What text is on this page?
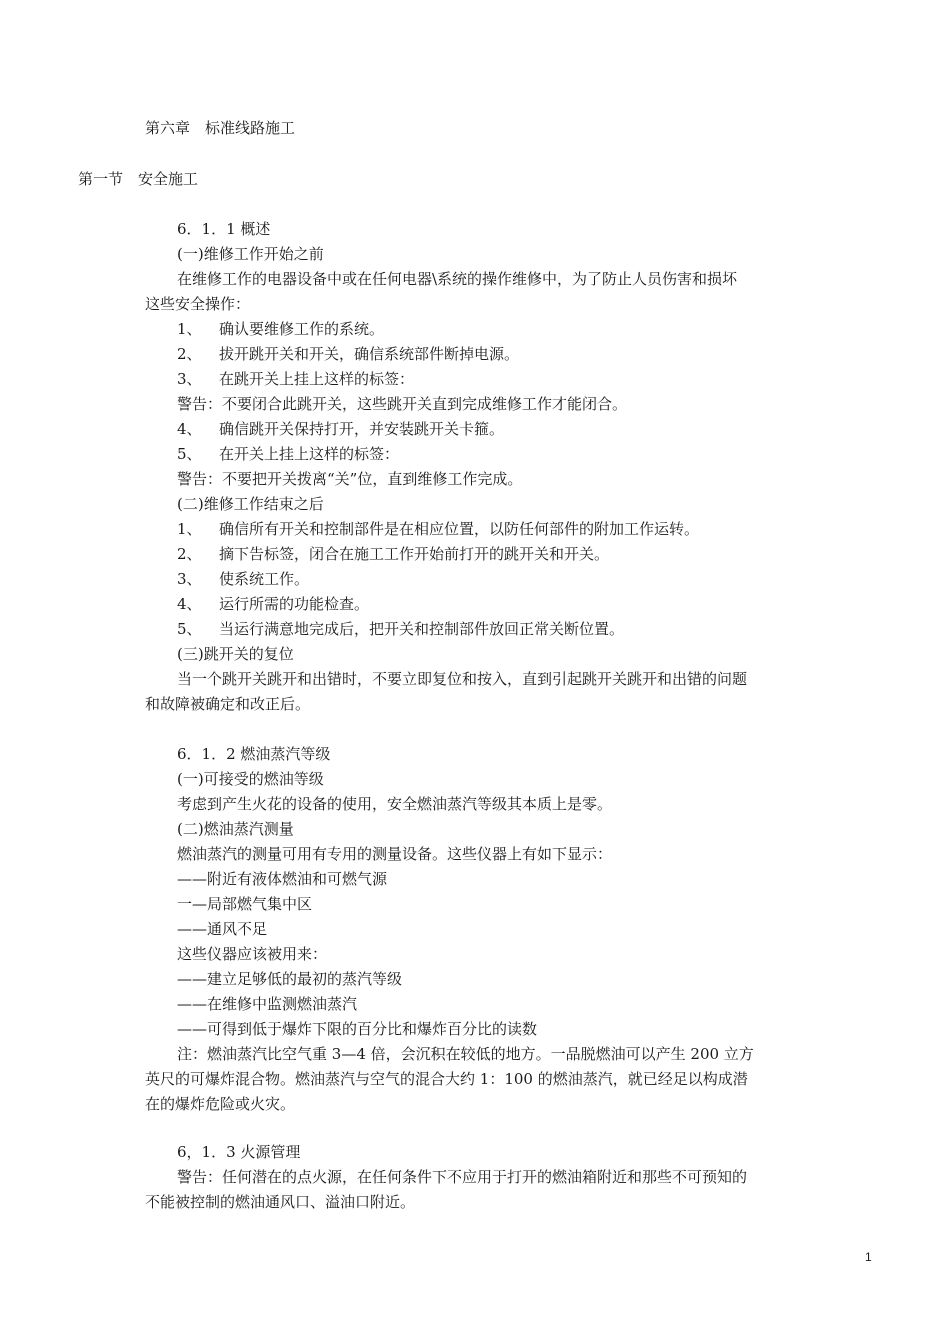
第六章　标准线路施工
第一节　安全施工
6．1．1 概述
(一)维修工作开始之前
在维修工作的电器设备中或在任何电器\系统的操作维修中，为了防止人员伤害和损坏
这些安全操作：
1、 确认要维修工作的系统。
2、 拔开跳开关和开关，确信系统部件断掉电源。
3、 在跳开关上挂上这样的标签：
警告：不要闭合此跳开关，这些跳开关直到完成维修工作才能闭合。
4、 确信跳开关保持打开，并安装跳开关卡箍。
5、 在开关上挂上这样的标签：
警告：不要把开关拨离“关”位，直到维修工作完成。
(二)维修工作结束之后
1、 确信所有开关和控制部件是在相应位置，以防任何部件的附加工作运转。
2、 摘下告标签，闭合在施工工作开始前打开的跳开关和开关。
3、 使系统工作。
4、 运行所需的功能检查。
5、 当运行满意地完成后，把开关和控制部件放回正常关断位置。
(三)跳开关的复位
当一个跳开关跳开和出错时，不要立即复位和按入，直到引起跳开关跳开和出错的问题
和故障被确定和改正后。
6．1．2 燃油蒸汽等级
(一)可接受的燃油等级
考虑到产生火花的设备的使用，安全燃油蒸汽等级其本质上是零。
(二)燃油蒸汽测量
燃油蒸汽的测量可用有专用的测量设备。这些仪器上有如下显示：
——附近有液体燃油和可燃气源
一—局部燃气集中区
——通风不足
这些仪器应该被用来：
——建立足够低的最初的蒸汽等级
——在维修中监测燃油蒸汽
——可得到低于爆炸下限的百分比和爆炸百分比的读数
注：燃油蒸汽比空气重 3—4 倍，会沉积在较低的地方。一品脱燃油可以产生 200 立方
英尺的可爆炸混合物。燃油蒸汽与空气的混合大约 1：100 的燃油蒸汽，就已经足以构成潜
在的爆炸危险或火灾。
6，1．3 火源管理
警告：任何潜在的点火源，在任何条件下不应用于打开的燃油箱附近和那些不可预知的
不能被控制的燃油通风口、溢油口附近。
1
